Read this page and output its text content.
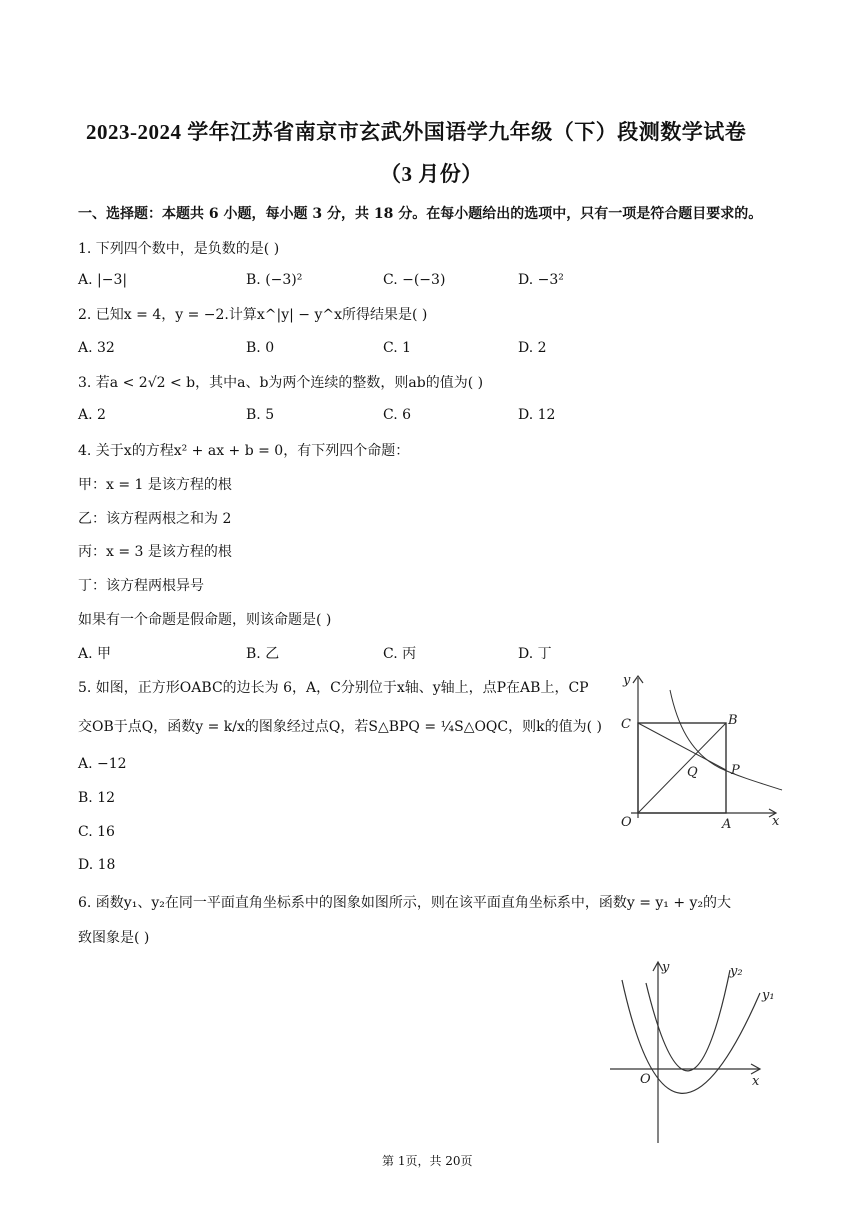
2023-2024 学年江苏省南京市玄武外国语学九年级（下）段测数学试卷
（3 月份）
一、选择题：本题共 6 小题，每小题 3 分，共 18 分。在每小题给出的选项中，只有一项是符合题目要求的。
1. 下列四个数中，是负数的是( )
A. |−3|	B. (−3)²	C. −(−3)	D. −3²
2. 已知x = 4，y = −2.计算x^|y| − y^x所得结果是( )
A. 32	B. 0	C. 1	D. 2
3. 若a < 2√2 < b，其中a、b为两个连续的整数，则ab的值为( )
A. 2	B. 5	C. 6	D. 12
4. 关于x的方程x² + ax + b = 0，有下列四个命题：
甲：x = 1 是该方程的根
乙：该方程两根之和为 2
丙：x = 3 是该方程的根
丁：该方程两根异号
如果有一个命题是假命题，则该命题是( )
A. 甲	B. 乙	C. 丙	D. 丁
5. 如图，正方形OABC的边长为 6，A，C分别位于x轴、y轴上，点P在AB上，CP
交OB于点Q，函数y = k/x的图象经过点Q，若S△BPQ = ¼S△OQC，则k的值为( )
A. −12
B. 12
C. 16
D. 18
y
x
C	B
Q	P
O	A
6. 函数y₁、y₂在同一平面直角坐标系中的图象如图所示，则在该平面直角坐标系中，函数y = y₁ + y₂的大
致图象是( )
y
x
O
y₂
y₁
第 1页，共 20页
